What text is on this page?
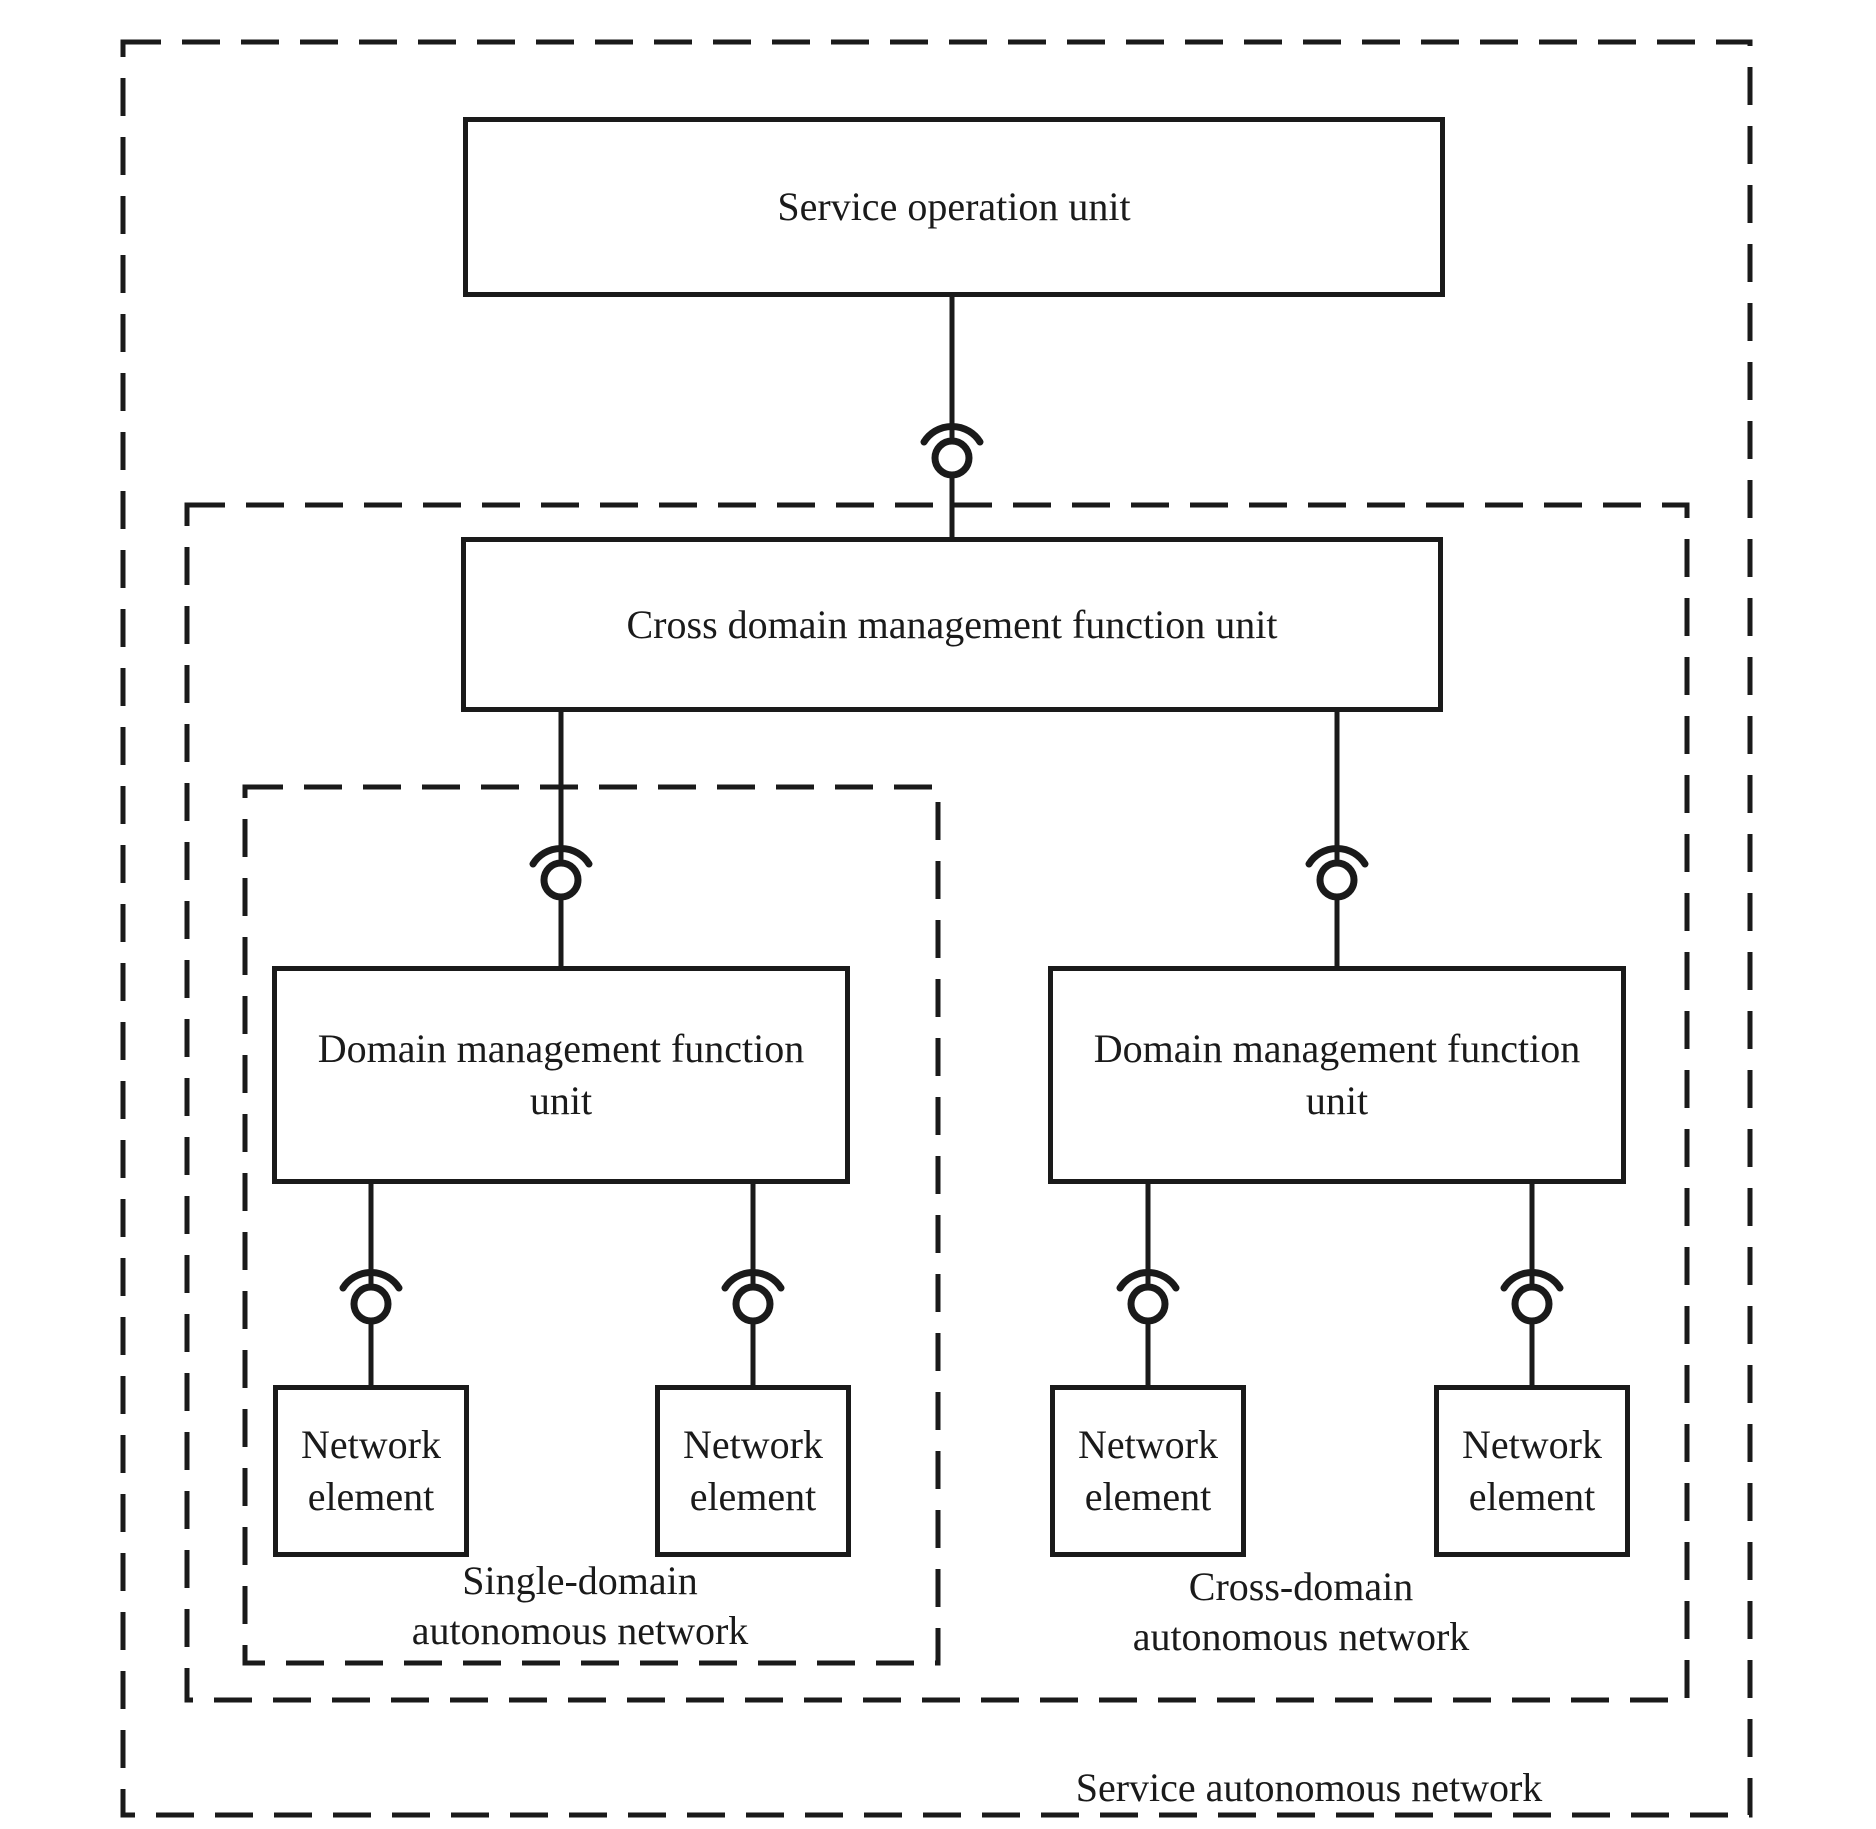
Service operation unit
Cross domain management function unit
Domain management function unit
Domain management function unit
Network element
Network element
Network element
Network element
Single-domain
autonomous network
Cross-domain
autonomous network
Service autonomous network
